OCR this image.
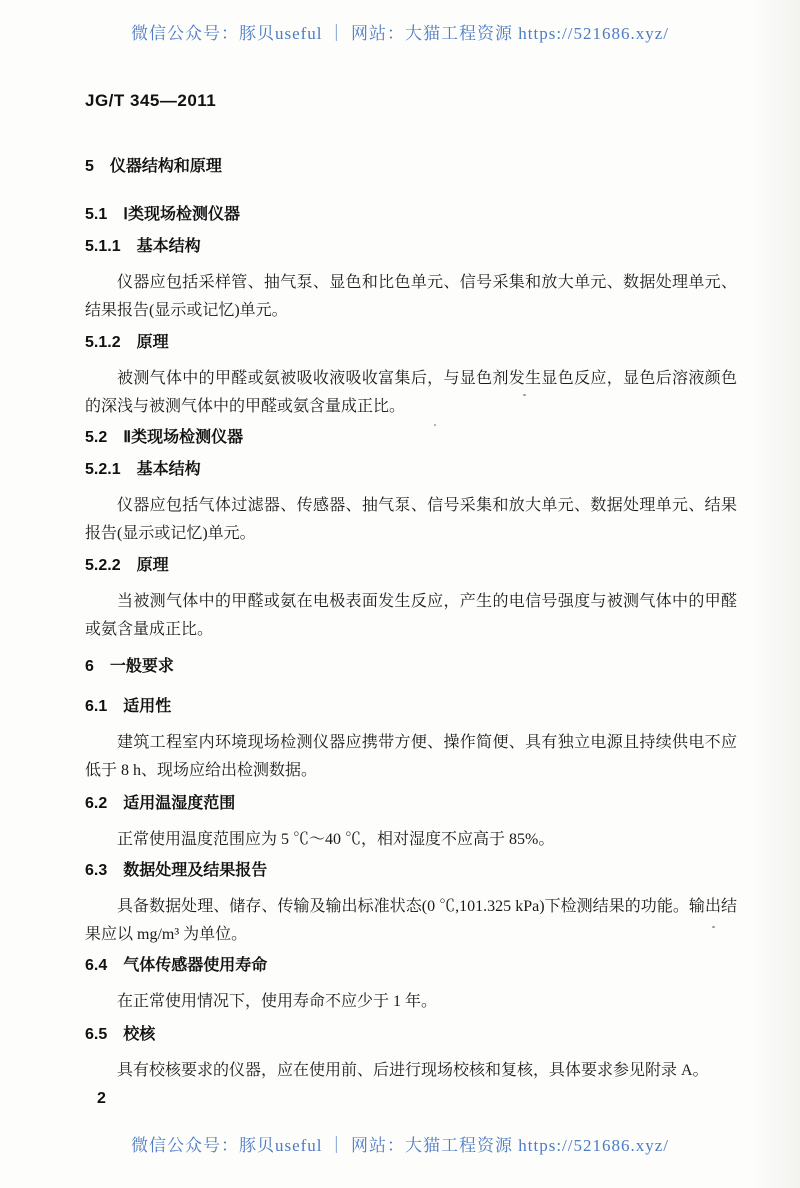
微信公众号：豚贝useful ｜ 网站：大猫工程资源 https://521686.xyz/
JG/T 345—2011
5　仪器结构和原理
5.1　Ⅰ类现场检测仪器
5.1.1　基本结构
仪器应包括采样管、抽气泵、显色和比色单元、信号采集和放大单元、数据处理单元、结果报告(显示或记忆)单元。
5.1.2　原理
被测气体中的甲醛或氨被吸收液吸收富集后，与显色剂发生显色反应，显色后溶液颜色的深浅与被测气体中的甲醛或氨含量成正比。
5.2　Ⅱ类现场检测仪器
5.2.1　基本结构
仪器应包括气体过滤器、传感器、抽气泵、信号采集和放大单元、数据处理单元、结果报告(显示或记忆)单元。
5.2.2　原理
当被测气体中的甲醛或氨在电极表面发生反应，产生的电信号强度与被测气体中的甲醛或氨含量成正比。
6　一般要求
6.1　适用性
建筑工程室内环境现场检测仪器应携带方便、操作简便、具有独立电源且持续供电不应低于 8 h、现场应给出检测数据。
6.2　适用温湿度范围
正常使用温度范围应为 5 ℃～40 ℃，相对湿度不应高于 85%。
6.3　数据处理及结果报告
具备数据处理、储存、传输及输出标准状态(0 ℃,101.325 kPa)下检测结果的功能。输出结果应以 mg/m³ 为单位。
6.4　气体传感器使用寿命
在正常使用情况下，使用寿命不应少于 1 年。
6.5　校核
具有校核要求的仪器，应在使用前、后进行现场校核和复核，具体要求参见附录 A。
2
微信公众号：豚贝useful ｜ 网站：大猫工程资源 https://521686.xyz/
